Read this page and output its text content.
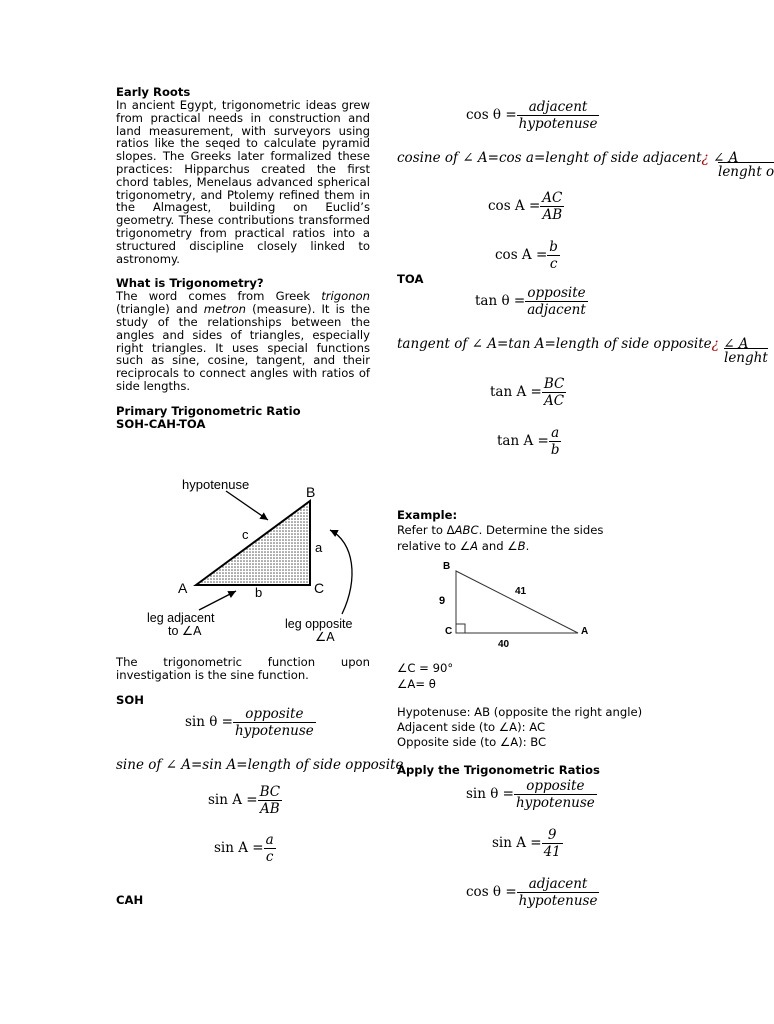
Early Roots

In ancient Egypt, trigonometric ideas grew from practical needs in construction and land measurement, with surveyors using ratios like the seqed to calculate pyramid slopes. The Greeks later formalized these practices: Hipparchus created the first chord tables, Menelaus advanced spherical trigonometry, and Ptolemy refined them in the Almagest, building on Euclid’s geometry. These contributions transformed trigonometry from practical ratios into a structured discipline closely linked to astronomy.

What is Trigonometry?

The word comes from Greek trigonon (triangle) and metron (measure). It is the study of the relationships between the angles and sides of triangles, especially right triangles. It uses special functions such as sine, cosine, tangent, and their reciprocals to connect angles with ratios of side lengths.

Primary Trigonometric Ratio
SOH-CAH-TOA
hypotenuse	B
A	C
c
a
b
leg adjacent
to ∠A	leg opposite
∠A

The trigonometric function upon investigation is the sine function.

SOH
$\sin \theta = \frac{\text{opposite}}{\text{hypotenuse}}$
sine of ∠ A=sin A=length of side opposite
$\sin A = \frac{BC}{AB}$
$\sin A = \frac{a}{c}$
CAH
$\cos \theta = \frac{\text{adjacent}}{\text{hypotenuse}}$
cosine of ∠ A=cos a=lenght of side adjacent¿ ∠ A
lenght o
$\cos A = \frac{AC}{AB}$
$\cos A = \frac{b}{c}$
TOA
$\tan \theta = \frac{\text{opposite}}{\text{adjacent}}$
tangent of ∠ A=tan A=length of side opposite¿ ∠ A
lenght
$\tan A = \frac{BC}{AC}$
$\tan A = \frac{a}{b}$
Example:

Refer to ΔABC. Determine the sides

relative to ∠A and ∠B.

B
C	A
9
41
40

∠C = 90°

∠A= θ

Hypotenuse: AB (opposite the right angle)

Adjacent side (to ∠A): AC

Opposite side (to ∠A): BC

Apply the Trigonometric Ratios
$\sin \theta = \frac{\text{opposite}}{\text{hypotenuse}}$
$\sin A = \frac{9}{41}$
$\cos \theta = \frac{\text{adjacent}}{\text{hypotenuse}}$
